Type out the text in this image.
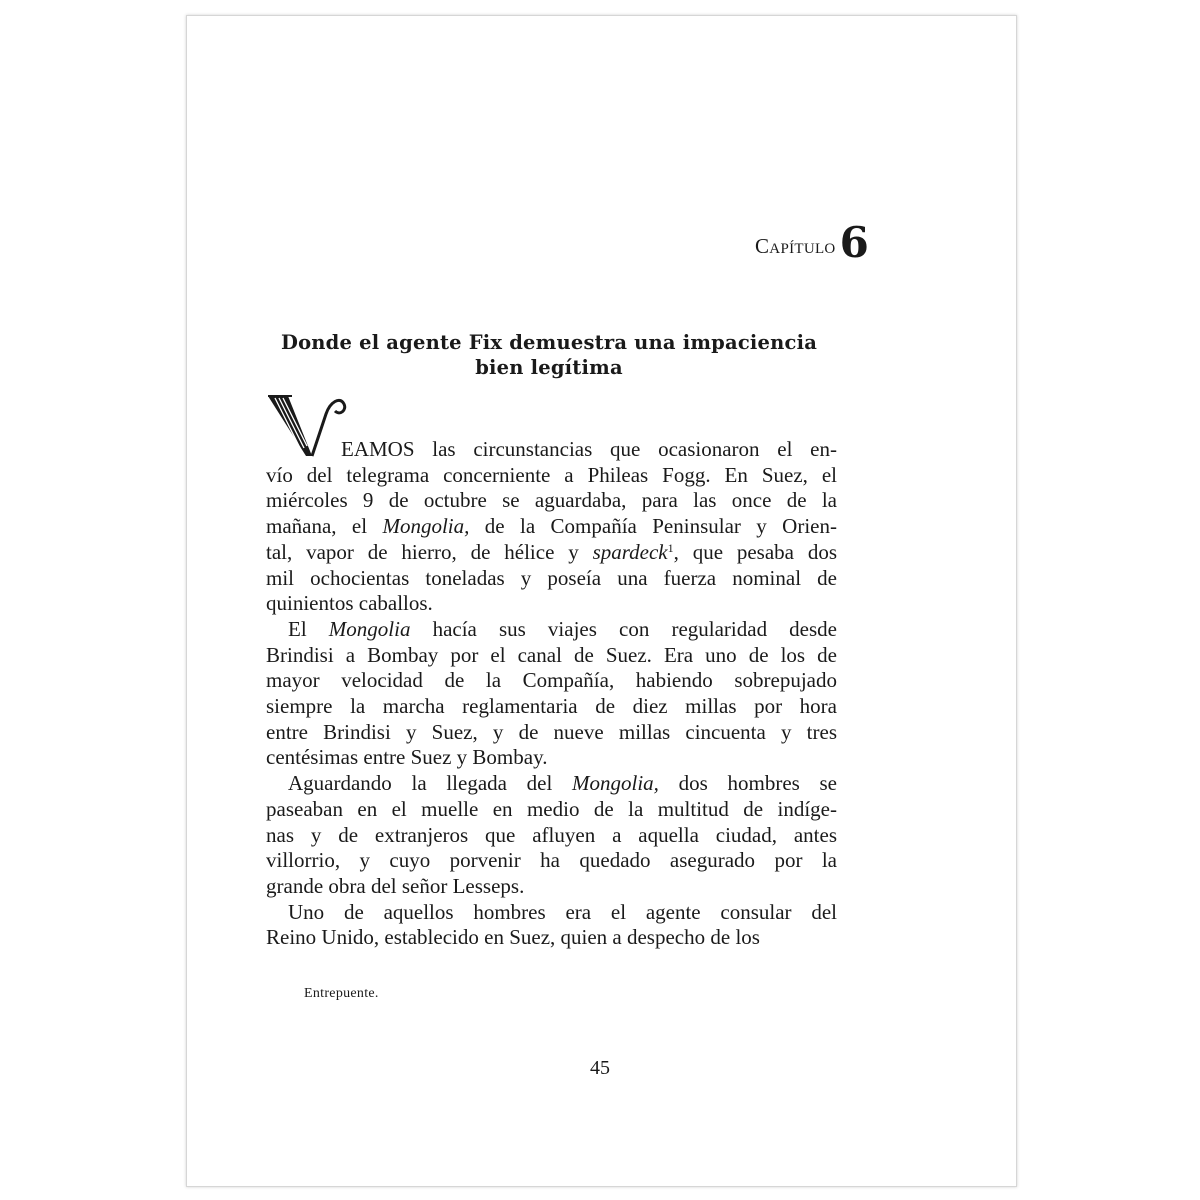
Capítulo 6
Donde el agente Fix demuestra una impaciencia
bien legítima
EAMOS las circunstancias que ocasionaron el en-
vío del telegrama concerniente a Phileas Fogg. En Suez, el
miércoles 9 de octubre se aguardaba, para las once de la
mañana, el Mongolia, de la Compañía Peninsular y Orien-
tal, vapor de hierro, de hélice y spardeck$^1$, que pesaba dos
mil ochocientas toneladas y poseía una fuerza nominal de
quinientos caballos.
El Mongolia hacía sus viajes con regularidad desde
Brindisi a Bombay por el canal de Suez. Era uno de los de
mayor velocidad de la Compañía, habiendo sobrepujado
siempre la marcha reglamentaria de diez millas por hora
entre Brindisi y Suez, y de nueve millas cincuenta y tres
centésimas entre Suez y Bombay.
Aguardando la llegada del Mongolia, dos hombres se
paseaban en el muelle en medio de la multitud de indíge-
nas y de extranjeros que afluyen a aquella ciudad, antes
villorrio, y cuyo porvenir ha quedado asegurado por la
grande obra del señor Lesseps.
Uno de aquellos hombres era el agente consular del
Reino Unido, establecido en Suez, quien a despecho de los
Entrepuente.
45
